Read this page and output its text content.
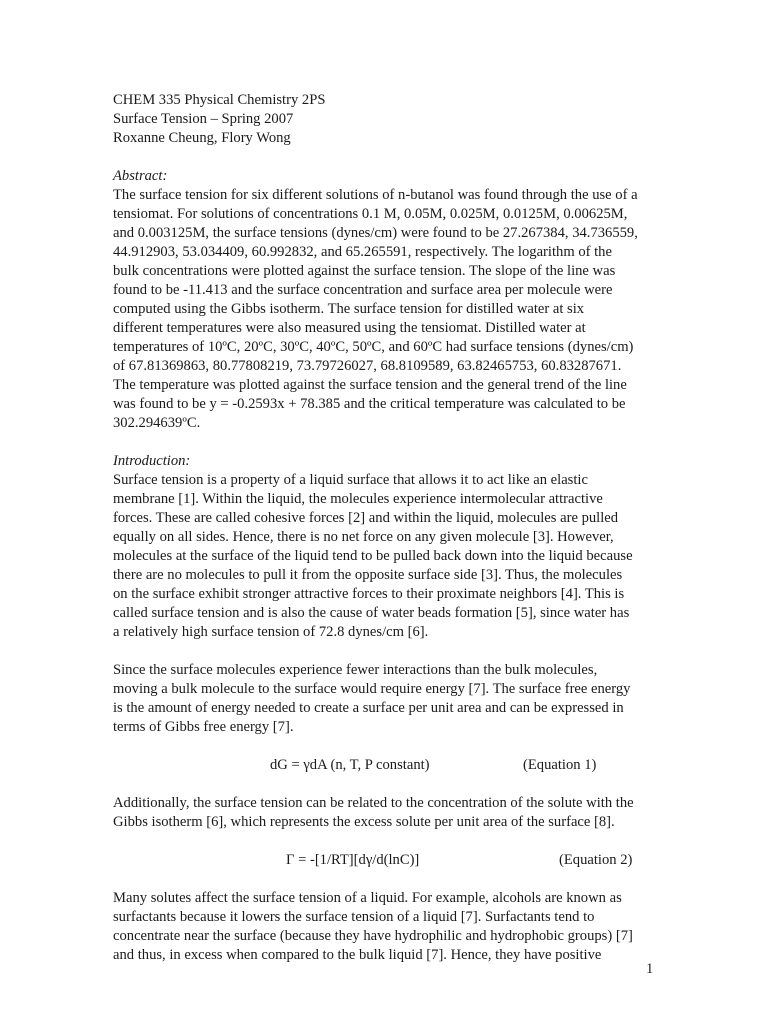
CHEM 335 Physical Chemistry 2PS
Surface Tension – Spring 2007
Roxanne Cheung, Flory Wong
Abstract:
The surface tension for six different solutions of n-butanol was found through the use of a
tensiomat. For solutions of concentrations 0.1 M, 0.05M, 0.025M, 0.0125M, 0.00625M,
and 0.003125M, the surface tensions (dynes/cm) were found to be 27.267384, 34.736559,
44.912903, 53.034409, 60.992832, and 65.265591, respectively. The logarithm of the
bulk concentrations were plotted against the surface tension. The slope of the line was
found to be -11.413 and the surface concentration and surface area per molecule were
computed using the Gibbs isotherm. The surface tension for distilled water at six
different temperatures were also measured using the tensiomat. Distilled water at
temperatures of 10ºC, 20ºC, 30ºC, 40ºC, 50ºC, and 60ºC had surface tensions (dynes/cm)
of 67.81369863, 80.77808219, 73.79726027, 68.8109589, 63.82465753, 60.83287671.
The temperature was plotted against the surface tension and the general trend of the line
was found to be y = -0.2593x + 78.385 and the critical temperature was calculated to be
302.294639ºC.
Introduction:
Surface tension is a property of a liquid surface that allows it to act like an elastic
membrane [1]. Within the liquid, the molecules experience intermolecular attractive
forces. These are called cohesive forces [2] and within the liquid, molecules are pulled
equally on all sides. Hence, there is no net force on any given molecule [3]. However,
molecules at the surface of the liquid tend to be pulled back down into the liquid because
there are no molecules to pull it from the opposite surface side [3]. Thus, the molecules
on the surface exhibit stronger attractive forces to their proximate neighbors [4]. This is
called surface tension and is also the cause of water beads formation [5], since water has
a relatively high surface tension of 72.8 dynes/cm [6].
Since the surface molecules experience fewer interactions than the bulk molecules,
moving a bulk molecule to the surface would require energy [7]. The surface free energy
is the amount of energy needed to create a surface per unit area and can be expressed in
terms of Gibbs free energy [7].
dG = γdA (n, T, P constant)	(Equation 1)
Additionally, the surface tension can be related to the concentration of the solute with the
Gibbs isotherm [6], which represents the excess solute per unit area of the surface [8].
Γ = -[1/RT][dγ/d(lnC)]	(Equation 2)
Many solutes affect the surface tension of a liquid. For example, alcohols are known as
surfactants because it lowers the surface tension of a liquid [7]. Surfactants tend to
concentrate near the surface (because they have hydrophilic and hydrophobic groups) [7]
and thus, in excess when compared to the bulk liquid [7]. Hence, they have positive
1
